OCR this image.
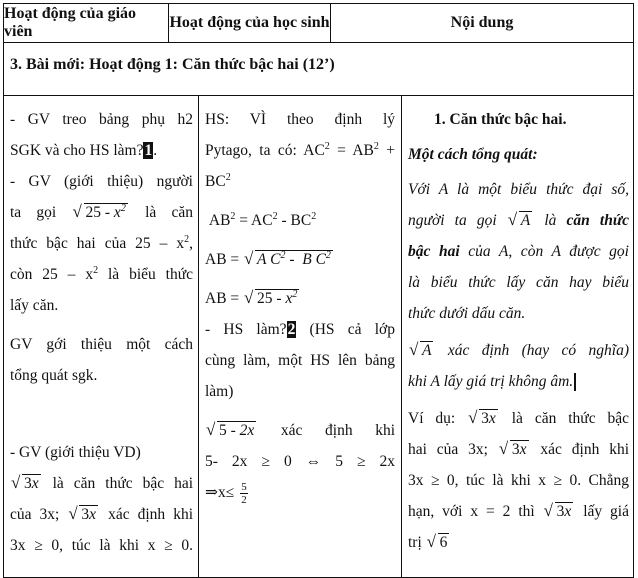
Hoạt động của giáo viên
Hoạt động của học sinh	Nội dung
3. Bài mới: Hoạt động 1: Căn thức bậc hai (12’)
- GV treo bảng phụ h2
SGK và cho HS làm?1.
- GV (giới thiệu) người
ta gọi √ $25 - x^2$ là căn
thức bậc hai của $25 - x^2$,
còn $25 - x^2$ là biểu thức
lấy căn.
GV gới thiệu một cách
tổng quát sgk.
- GV (giới thiệu VD)
√ 3x là căn thức bậc hai
của 3x; √ 3x xác định khi
3x ≥ 0, túc là khi x ≥ 0.
HS: VÌ theo định lý
Pytago, ta có: $AC^2 = AB^2$ +
$BC^2$
$AB^2 = AC^2 - BC^2$
AB = √ A $C^2$ -  B $C^2$
AB = √ $25 - x^2$
- HS làm?2 (HS cả lớp
cùng làm, một HS lên bảng
làm)
√ 5 - 2x xác định khi
5- 2x ≥ 0 ⇔ 5 ≥ 2x
⇒x≤ $\frac{5}{2}$
1. Căn thức bậc hai.
Một cách tổng quát:
Với A là một biểu thức đại số,
người ta gọi √ A là căn thức
bậc hai của A, còn A được gọi
là biểu thức lấy căn hay biểu
thức dưới dấu căn.
√ A xác định (hay có nghĩa)
khi A lấy giá trị không âm.
Ví dụ: √ 3x là căn thức bậc
hai của 3x; √ 3x xác định khi
3x ≥ 0, túc là khi x ≥ 0. Chẳng
hạn, với x = 2 thì √ 3x lấy giá
trị √ 6
